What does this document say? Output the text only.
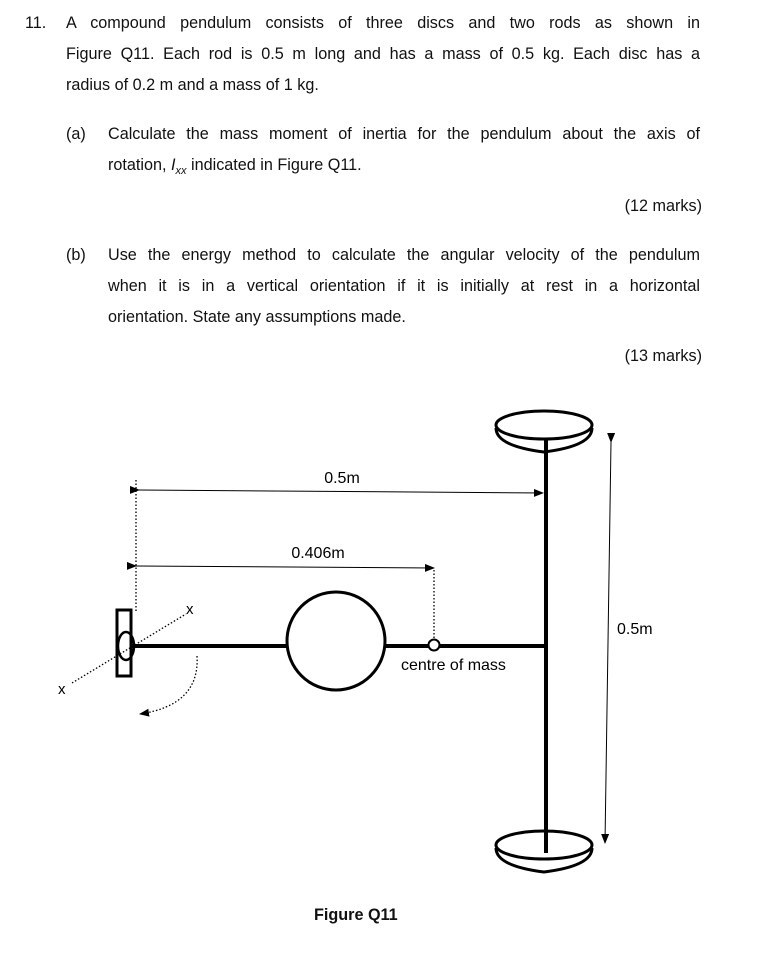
11. A compound pendulum consists of three discs and two rods as shown in
Figure Q11. Each rod is 0.5 m long and has a mass of 0.5 kg. Each disc has a
radius of 0.2 m and a mass of 1 kg.
(a) Calculate the mass moment of inertia for the pendulum about the axis of
rotation, $I_{xx}$ indicated in Figure Q11.
(12 marks)
(b) Use the energy method to calculate the angular velocity of the pendulum
when it is in a vertical orientation if it is initially at rest in a horizontal
orientation. State any assumptions made.
(13 marks)
0.5m
0.406m
0.5m
centre of mass
x
x
Figure Q11
